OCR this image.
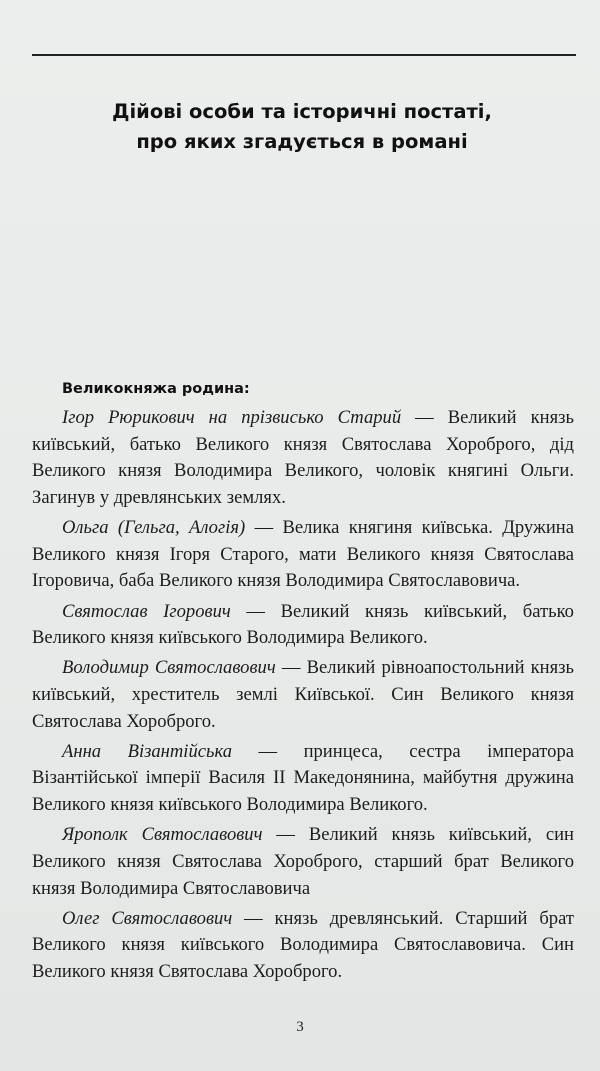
Дійові особи та історичні постаті,
про яких згадується в романі
Великокняжа родина:

Ігор Рюрикович на прізвисько Старий — Великий князь київський, батько Великого князя Святослава Хороброго, дід Великого князя Володимира Великого, чоловік княгині Ольги. Загинув у древлянських землях.

Ольга (Гельга, Алогія) — Велика княгиня київська. Дружина Великого князя Ігоря Старого, мати Великого князя Святослава Ігоровича, баба Великого князя Володимира Святославовича.

Святослав Ігорович — Великий князь київський, батько Великого князя київського Володимира Великого.

Володимир Святославович — Великий рівноапостольний князь київський, хреститель землі Київської. Син Великого князя Святослава Хороброго.

Анна Візантійська — принцеса, сестра імператора Візантійської імперії Василя II Македонянина, майбутня дружина Великого князя київського Володимира Великого.

Ярополк Святославович — Великий князь київський, син Великого князя Святослава Хороброго, старший брат Великого князя Володимира Святославовича

Олег Святославович — князь древлянський. Старший брат Великого князя київського Володимира Святославовича. Син Великого князя Святослава Хороброго.

3
